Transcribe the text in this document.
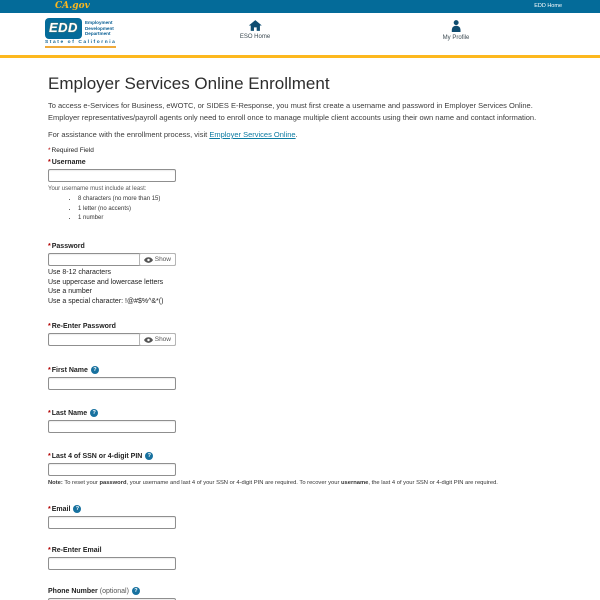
CA.gov	EDD Home
EDD	Employment
Development
Department
State of California
ESO Home	My Profile
Employer Services Online Enrollment

To access e-Services for Business, eWOTC, or SIDES E-Response, you must first create a username and password in Employer Services Online. Employer representatives/payroll agents only need to enroll once to manage multiple client accounts using their own name and contact information.

For assistance with the enrollment process, visit Employer Services Online.

*Required Field
*Username
Your username must include at least:
• 8 characters (no more than 15)
• 1 letter (no accents)
• 1 number
*Password
Show
Use 8-12 characters
Use uppercase and lowercase letters
Use a number
Use a special character: !@#$%^&*()
*Re-Enter Password
Show
*First Name?
*Last Name?
*Last 4 of SSN or 4-digit PIN?
Note: To reset your password, your username and last 4 of your SSN or 4-digit PIN are required. To recover your username, the last 4 of your SSN or 4-digit PIN are required.
*Email?
*Re-Enter Email
Phone Number (optional)?
